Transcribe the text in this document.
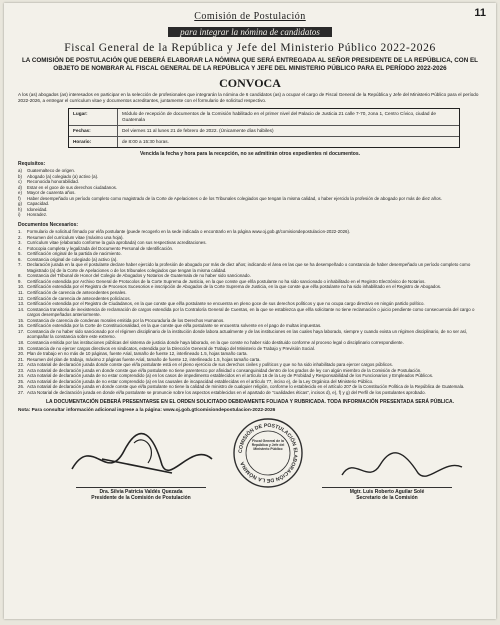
11
Comisión de Postulación
para integrar la nómina de candidatos
Fiscal General de la República y Jefe del Ministerio Público 2022-2026
LA COMISIÓN DE POSTULACIÓN QUE DEBERÁ ELABORAR LA NÓMINA QUE SERÁ ENTREGADA AL SEÑOR PRESIDENTE DE LA REPÚBLICA, CON EL OBJETO DE NOMBRAR AL FISCAL GENERAL DE LA REPÚBLICA Y JEFE DEL MINISTERIO PÚBLICO PARA EL PERÍODO 2022-2026
CONVOCA
A los (as) abogados (as) interesados en participar en la selección de profesionales que integrarán la nómina de 6 candidatos (as) a ocupar el cargo de Fiscal General de la República y Jefe del Ministerio Público para el período 2022-2026, a entregar el curriculum vitae y documentos acreditantes, juntamente con el formulario de solicitud respectivo.
Lugar:	Módulo de recepción de documentos de la Comisión habilitado en el primer nivel del Palacio de Justicia 21 calle 7-70, zona 1, Centro Cívico, ciudad de Guatemala
Fechas:	Del viernes 11 al lunes 21 de febrero de 2022. (Únicamente días hábiles)
Horario:	de 8:00 a 15:30 horas.
Vencida la fecha y hora para la recepción, no se admitirán otros expedientes ni documentos.
Requisitos:
a)	Guatemalteco de origen.
b)	Abogado (a) colegiado (a) activo (a).
c)	Reconocida honorabilidad.
d)	Estar en el goce de sus derechos ciudadanos.
e)	Mayor de cuarenta años.
f)	Haber desempeñado un período completo como magistrado de la Corte de Apelaciones o de los Tribunales colegiados que tengan la misma calidad, o haber ejercido la profesión de abogado por más de diez años.
g)	Capacidad.
h)	Idoneidad.
i)	Honradez.
Documentos Necesarios:
1.	Formulario de solicitud firmado por el/la postulante (puede recogerlo en la sede indicada o encontrarlo en la página www.oj.gob.gt/comisiondepostulacion-2022-2026).
2.	Resumen del curriculum vitae (máximo una hoja).
3.	Curriculum vitae (elaborado conforme la guía aprobada) con sus respectivas acreditaciones.
4.	Fotocopia completa y legalizada del Documento Personal de Identificación.
5.	Certificación original de la partida de nacimiento.
6.	Constancia original de colegiado (a) activo (a).
7.	Declaración jurada en la que el postulante declare haber ejercido la profesión de abogado por más de diez años; indicando el área en las que se ha desempeñado o constancia de haber desempeñado un período completo como Magistrado (a) de la Corte de Apelaciones o de los tribunales colegiados que tengan la misma calidad.
8.	Constancia del Tribunal de Honor del Colegio de Abogados y Notarios de Guatemala de no haber sido sancionado.
9.	Certificación extendida por Archivo General de Protocolos de la Corte Suprema de Justicia, en la que conste que el/la postulante no ha sido sancionado o inhabilitado en el Registro Electrónico de Notarios.
10. Certificación extendida por el Registro de Procesos Sucesorios e inscripción de Abogados de la Corte Suprema de Justicia, en la que conste que el/la postulante no ha sido inhabilitado en el Registro de Abogados.
11. Certificación de carencia de antecedentes penales.
12. Certificación de carencia de antecedentes policíacos.
13. Certificación extendida por el Registro de Ciudadanos, en la que conste que el/la postulante se encuentra en pleno goce de sus derechos políticos y que no ocupa cargo directivo en ningún partido político.
14. Constancia transitoria de inexistencia de reclamación de cargos extendida por la Contraloría General de Cuentas, en la que se establezca que el/la solicitante no tiene reclamación o juicio pendiente como consecuencia del cargo o cargos desempeñados anteriormente.
15. Constancia de carencia de condenas morales emitida por la Procuraduría de los Derechos Humanos.
16. Certificación extendida por la Corte de Constitucionalidad, en la que conste que el/la postulante se encuentra solvente en el pago de multas impuestas.
17. Constancia de no haber sido sancionado por el régimen disciplinario de la institución donde labora actualmente y de las instituciones en las cuales haya laborado, siempre y cuando exista un régimen disciplinario, de no ser así, acompañar la constancia sobre este extremo.
18. Constancia emitida por las instituciones públicas del sistema de justicia donde haya laborado, en la que conste no haber sido destituido conforme al proceso legal o disciplinario correspondiente.
19. Constancia de no ejercer cargos directivos en sindicatos, extendida por la Dirección General de Trabajo del Ministerio de Trabajo y Previsión Social.
20. Plan de trabajo en no más de 10 páginas, fuente Arial, tamaño de fuente 12, interlineado 1.5, hojas tamaño carta.
21. Resumen del plan de trabajo, máximo 2 páginas fuente Arial, tamaño de fuente 12, interlineado 1.5, hojas tamaño carta.
22. Acta notarial de declaración jurada donde conste que el/la postulante está en el pleno ejercicio de sus derechos civiles y políticos y que no ha sido inhabilitado para ejercer cargos públicos.
23. Acta notarial de declaración jurada en donde conste que el/la postulante no tiene parentesco por afinidad o consanguinidad dentro de los grados de ley con algún miembro de la Comisión de Postulación.
24. Acta notarial de declaración jurada de no estar comprendido (a) en los casos de impedimento establecidos en el artículo 16 de la Ley de Probidad y Responsabilidad de los Funcionarios y Empleados Públicos.
25. Acta notarial de declaración jurada de no estar comprendido (a) en las causales de incapacidad establecidas en el artículo 77, inciso e), de la Ley Orgánica del Ministerio Público.
26. Acta notarial de declaración jurada en donde conste que el/la postulante no tiene la calidad de ministro de cualquier religión, conforme lo establecido en el artículo 207 de la Constitución Política de la República de Guatemala.
27. Acta Notarial de declaración jurada en donde el/la postulante se pronuncie sobre los aspectos establecidos en el apartado de "cualidades éticas", incisos d), e), f) y g) del Perfil de los postulantes aprobado.
LA DOCUMENTACIÓN DEBERÁ PRESENTARSE EN EL ORDEN SOLICITADO DEBIDAMENTE FOLIADA Y RUBRICADA. TODA INFORMACIÓN PRESENTADA SERÁ PÚBLICA.
Nota: Para consultar información adicional ingrese a la página: www.oj.gob.gt/comisiondepostulacion-2022-2026
COMISIÓN DE POSTULACIÓN ELABORACIÓN DE LA NÓMINA
Fiscal General de la República y Jefe del Ministerio Público
Dra. Silvia Patricia Valdés Quezada
Presidente de la Comisión de Postulación
Mgtr. Luis Roberto Aguilar Solé
Secretario de la Comisión
